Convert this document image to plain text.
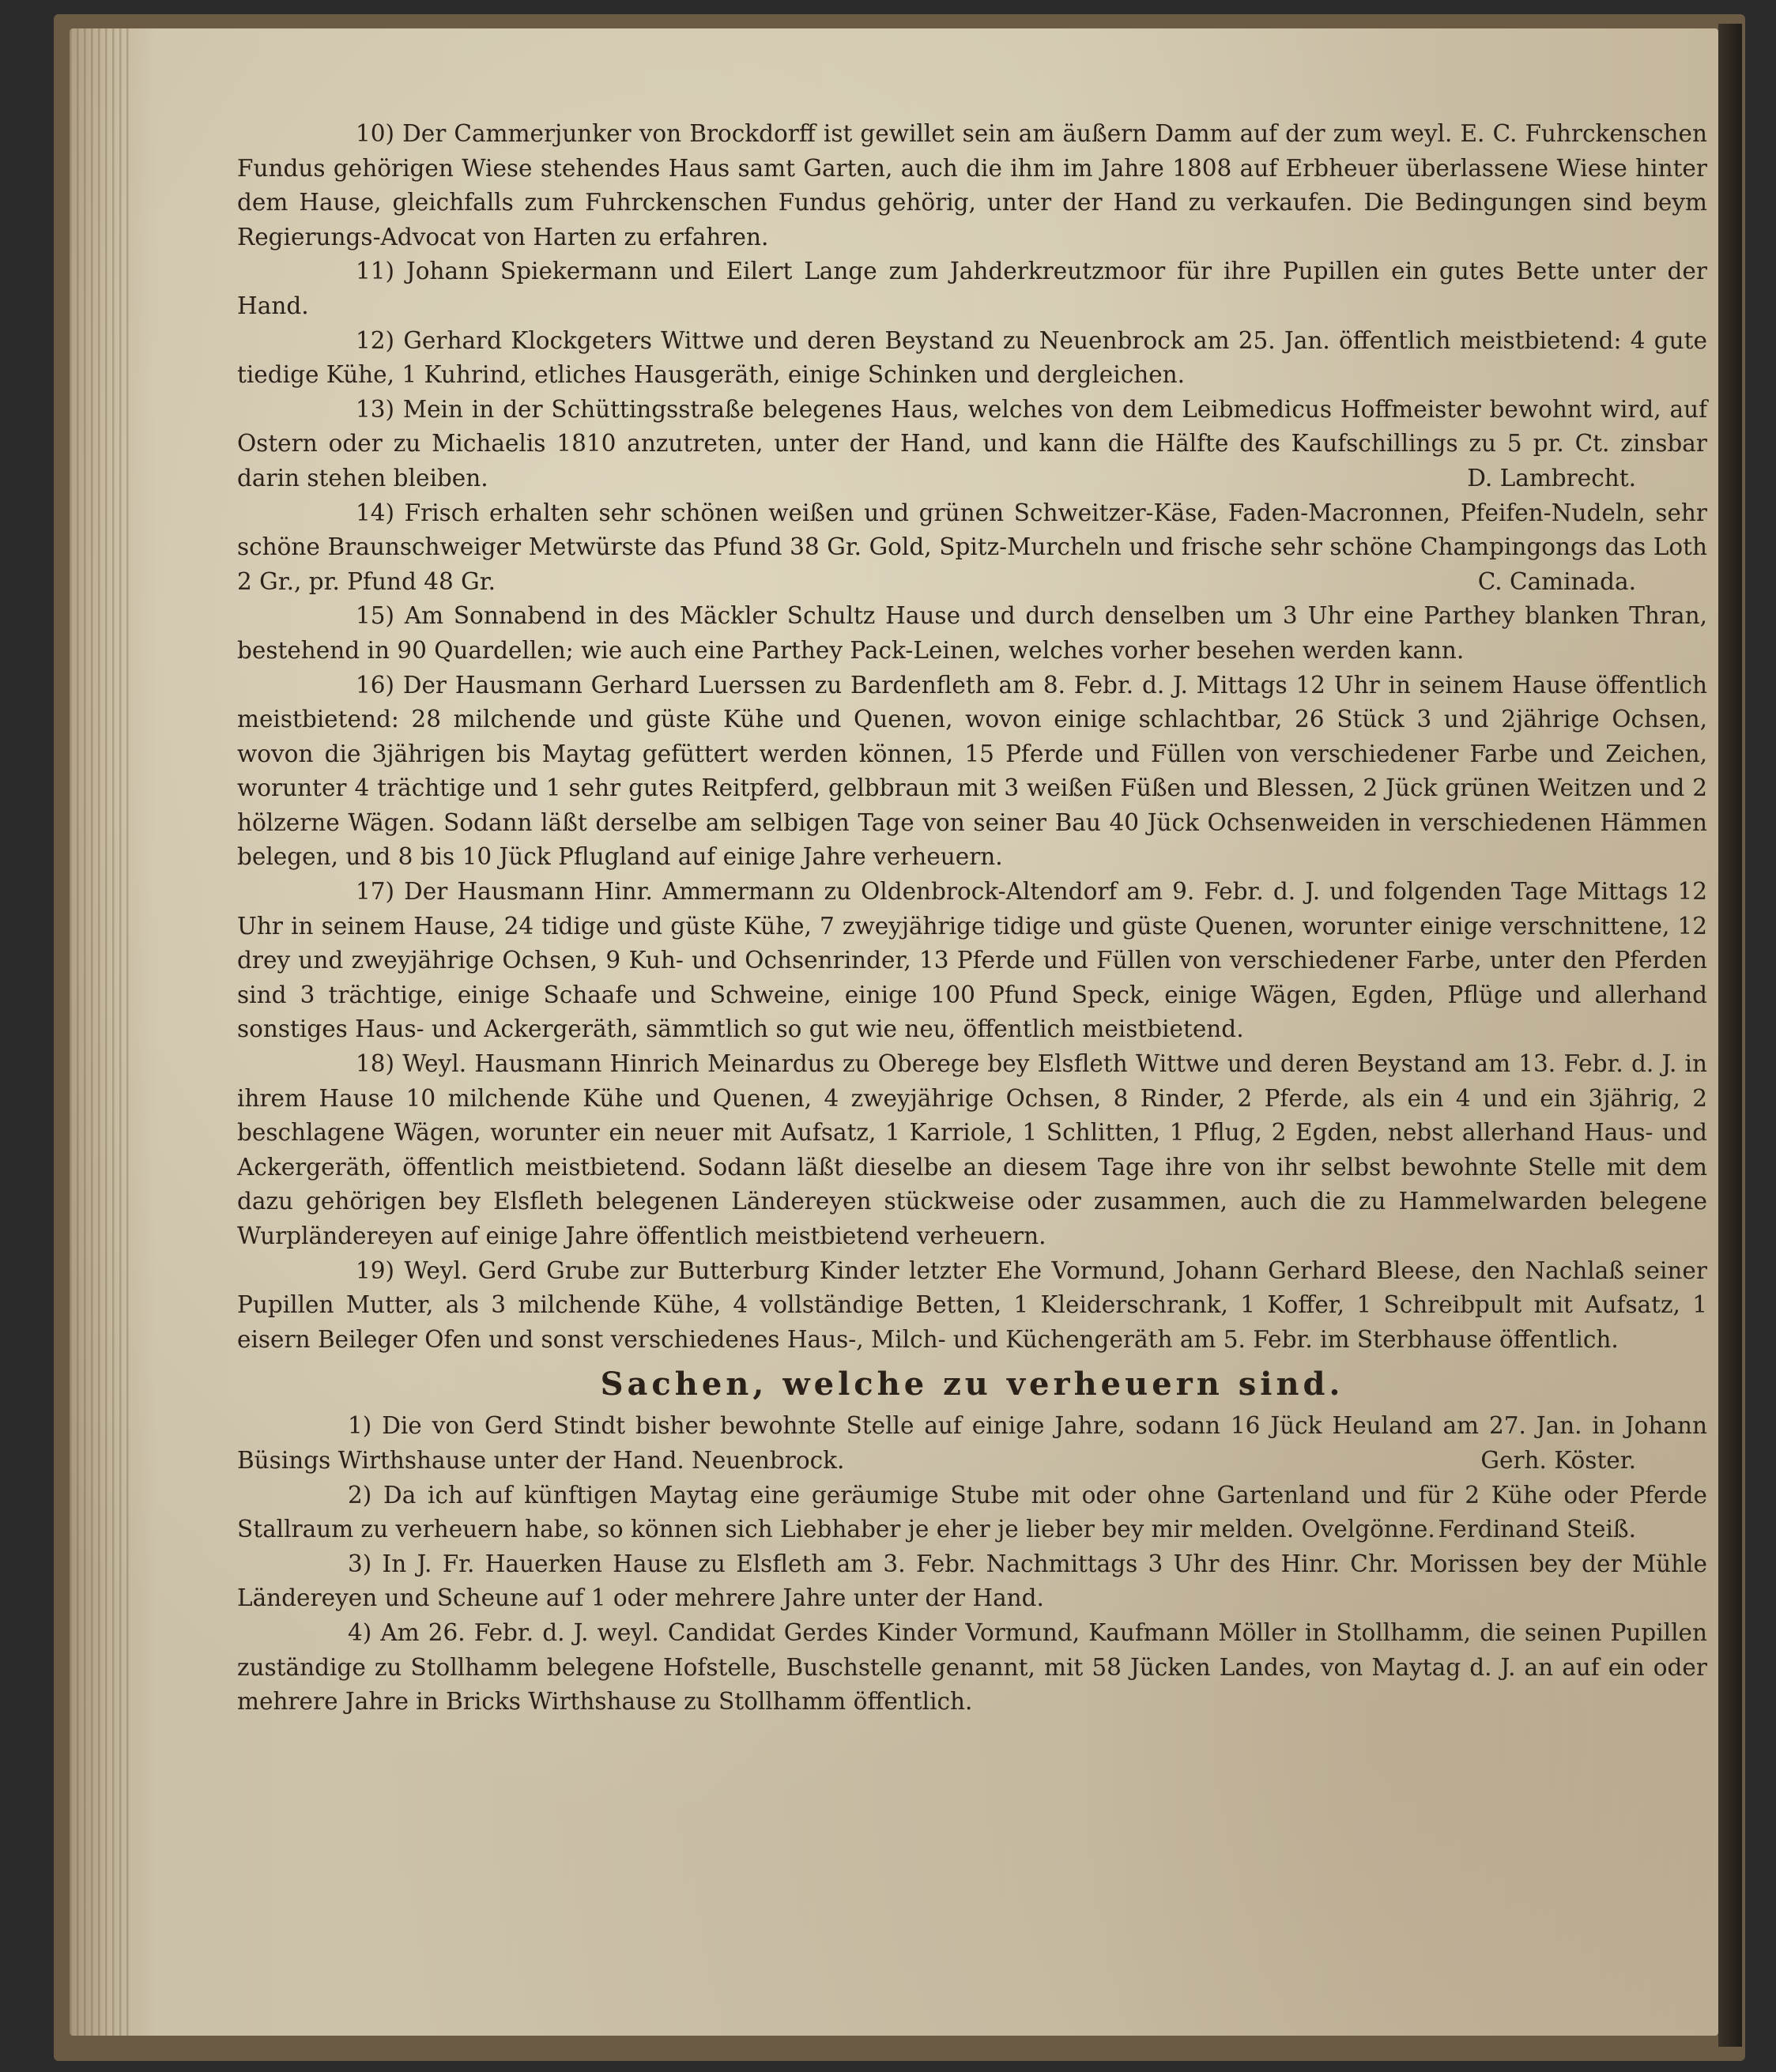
10) Der Cammerjunker von Brockdorff ist gewillet sein am äußern Damm auf der zum weyl. E. C. Fuhrckenschen Fundus gehörigen Wiese stehendes Haus samt Garten, auch die ihm im Jahre 1808 auf Erbheuer überlassene Wiese hinter dem Hause, gleichfalls zum Fuhrckenschen Fundus gehörig, unter der Hand zu verkaufen. Die Bedingungen sind beym Regierungs-Advocat von Harten zu erfahren.

11) Johann Spiekermann und Eilert Lange zum Jahderkreutzmoor für ihre Pupillen ein gutes Bette unter der Hand.

12) Gerhard Klockgeters Wittwe und deren Beystand zu Neuenbrock am 25. Jan. öffentlich meistbietend: 4 gute tiedige Kühe, 1 Kuhrind, etliches Hausgeräth, einige Schinken und dergleichen.

13) Mein in der Schüttingsstraße belegenes Haus, welches von dem Leibmedicus Hoffmeister bewohnt wird, auf Ostern oder zu Michaelis 1810 anzutreten, unter der Hand, und kann die Hälfte des Kaufschillings zu 5 pr. Ct. zinsbar darin stehen bleiben.	D. Lambrecht.

14) Frisch erhalten sehr schönen weißen und grünen Schweitzer-Käse, Faden-Macronnen, Pfeifen-Nudeln, sehr schöne Braunschweiger Metwürste das Pfund 38 Gr. Gold, Spitz-Murcheln und frische sehr schöne Champingongs das Loth 2 Gr., pr. Pfund 48 Gr.	C. Caminada.

15) Am Sonnabend in des Mäckler Schultz Hause und durch denselben um 3 Uhr eine Parthey blanken Thran, bestehend in 90 Quardellen; wie auch eine Parthey Pack-Leinen, welches vorher besehen werden kann.

16) Der Hausmann Gerhard Luerssen zu Bardenfleth am 8. Febr. d. J. Mittags 12 Uhr in seinem Hause öffentlich meistbietend: 28 milchende und güste Kühe und Quenen, wovon einige schlachtbar, 26 Stück 3 und 2jährige Ochsen, wovon die 3jährigen bis Maytag gefüttert werden können, 15 Pferde und Füllen von verschiedener Farbe und Zeichen, worunter 4 trächtige und 1 sehr gutes Reitpferd, gelbbraun mit 3 weißen Füßen und Blessen, 2 Jück grünen Weitzen und 2 hölzerne Wägen. Sodann läßt derselbe am selbigen Tage von seiner Bau 40 Jück Ochsenweiden in verschiedenen Hämmen belegen, und 8 bis 10 Jück Pflugland auf einige Jahre verheuern.

17) Der Hausmann Hinr. Ammermann zu Oldenbrock-Altendorf am 9. Febr. d. J. und folgenden Tage Mittags 12 Uhr in seinem Hause, 24 tidige und güste Kühe, 7 zweyjährige tidige und güste Quenen, worunter einige verschnittene, 12 drey und zweyjährige Ochsen, 9 Kuh- und Ochsenrinder, 13 Pferde und Füllen von verschiedener Farbe, unter den Pferden sind 3 trächtige, einige Schaafe und Schweine, einige 100 Pfund Speck, einige Wägen, Egden, Pflüge und allerhand sonstiges Haus- und Ackergeräth, sämmtlich so gut wie neu, öffentlich meistbietend.

18) Weyl. Hausmann Hinrich Meinardus zu Oberege bey Elsfleth Wittwe und deren Beystand am 13. Febr. d. J. in ihrem Hause 10 milchende Kühe und Quenen, 4 zweyjährige Ochsen, 8 Rinder, 2 Pferde, als ein 4 und ein 3jährig, 2 beschlagene Wägen, worunter ein neuer mit Aufsatz, 1 Karriole, 1 Schlitten, 1 Pflug, 2 Egden, nebst allerhand Haus- und Ackergeräth, öffentlich meistbietend. Sodann läßt dieselbe an diesem Tage ihre von ihr selbst bewohnte Stelle mit dem dazu gehörigen bey Elsfleth belegenen Ländereyen stückweise oder zusammen, auch die zu Hammelwarden belegene Wurpländereyen auf einige Jahre öffentlich meistbietend verheuern.

19) Weyl. Gerd Grube zur Butterburg Kinder letzter Ehe Vormund, Johann Gerhard Bleese, den Nachlaß seiner Pupillen Mutter, als 3 milchende Kühe, 4 vollständige Betten, 1 Kleiderschrank, 1 Koffer, 1 Schreibpult mit Aufsatz, 1 eisern Beileger Ofen und sonst verschiedenes Haus-, Milch- und Küchengeräth am 5. Febr. im Sterbhause öffentlich.

Sachen, welche zu verheuern sind.

1) Die von Gerd Stindt bisher bewohnte Stelle auf einige Jahre, sodann 16 Jück Heuland am 27. Jan. in Johann Büsings Wirthshause unter der Hand. Neuenbrock.	Gerh. Köster.

2) Da ich auf künftigen Maytag eine geräumige Stube mit oder ohne Gartenland und für 2 Kühe oder Pferde Stallraum zu verheuern habe, so können sich Liebhaber je eher je lieber bey mir melden. Ovelgönne. Ferdinand Steiß.

3) In J. Fr. Hauerken Hause zu Elsfleth am 3. Febr. Nachmittags 3 Uhr des Hinr. Chr. Morissen bey der Mühle Ländereyen und Scheune auf 1 oder mehrere Jahre unter der Hand.

4) Am 26. Febr. d. J. weyl. Candidat Gerdes Kinder Vormund, Kaufmann Möller in Stollhamm, die seinen Pupillen zuständige zu Stollhamm belegene Hofstelle, Buschstelle genannt, mit 58 Jücken Landes, von Maytag d. J. an auf ein oder mehrere Jahre in Bricks Wirthshause zu Stollhamm öffentlich.
